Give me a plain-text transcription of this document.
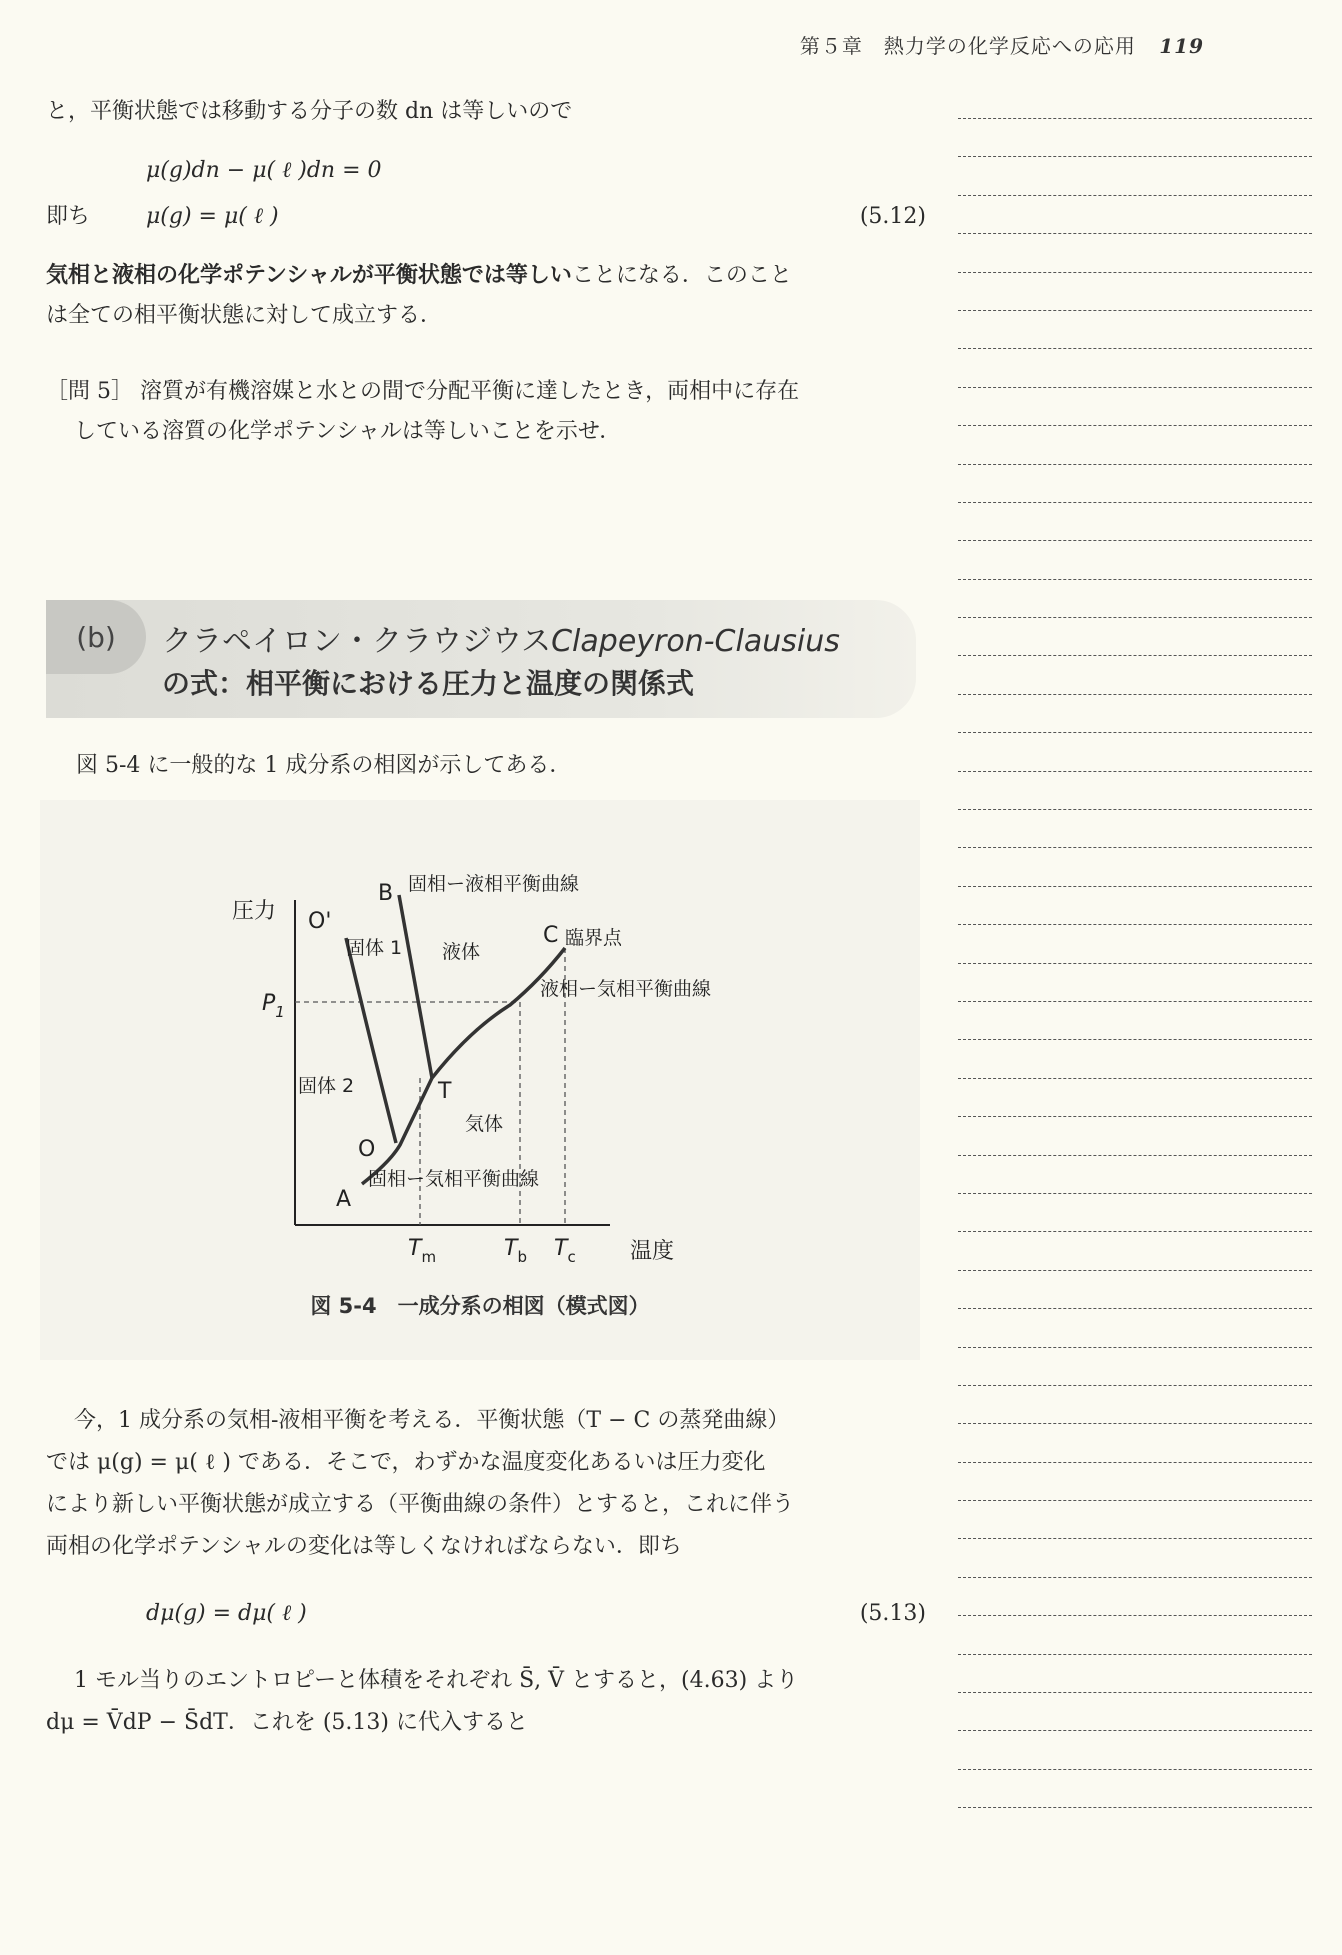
第５章　熱力学の化学反応への応用 119

と，平衡状態では移動する分子の数 dn は等しいので

μ(g)dn − μ( ℓ )dn = 0
即ち	μ(g) = μ( ℓ )	(5.12)

気相と液相の化学ポテンシャルが平衡状態では等しいことになる．このこと

は全ての相平衡状態に対して成立する．

［問 5］ 溶質が有機溶媒と水との間で分配平衡に達したとき，両相中に存在

している溶質の化学ポテンシャルは等しいことを示せ．

(b)	クラペイロン・クラウジウスClapeyron-Clausius
の式：相平衡における圧力と温度の関係式
図 5-4 に一般的な 1 成分系の相図が示してある．
圧力
温度
$P_1$
$T_m$	$T_b$ $T_c$
B
O'
C
T
O
A
固相ー液相平衡曲線
臨界点
液相ー気相平衡曲線
固相ー気相平衡曲線
固体 1 液体
固体 2
気体
図 5-4　一成分系の相図（模式図）

今，1 成分系の気相-液相平衡を考える．平衡状態（T − C の蒸発曲線）

では μ(g) = μ( ℓ ) である．そこで，わずかな温度変化あるいは圧力変化

により新しい平衡状態が成立する（平衡曲線の条件）とすると，これに伴う

両相の化学ポテンシャルの変化は等しくなければならない．即ち

dμ(g) = dμ( ℓ )	(5.13)

1 モル当りのエントロピーと体積をそれぞれ S̄, V̄ とすると，(4.63) より

dμ = V̄dP − S̄dT．これを (5.13) に代入すると
